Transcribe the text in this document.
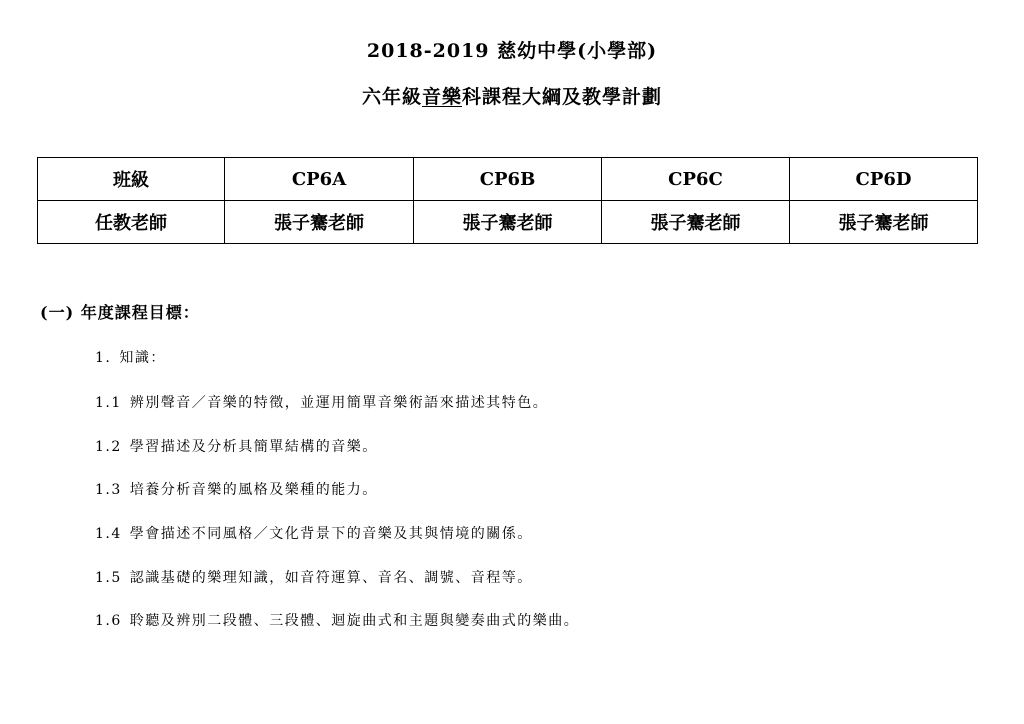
2018-2019 慈幼中學(小學部)
六年級音樂科課程大綱及教學計劃
班級	CP6A	CP6B	CP6C	CP6D
任教老師	張子騫老師	張子騫老師	張子騫老師	張子騫老師
(一) 年度課程目標：
1. 知識：
1.1 辨別聲音／音樂的特徵，並運用簡單音樂術語來描述其特色。
1.2 學習描述及分析具簡單結構的音樂。
1.3 培養分析音樂的風格及樂種的能力。
1.4 學會描述不同風格／文化背景下的音樂及其與情境的關係。
1.5 認識基礎的樂理知識，如音符運算、音名、調號、音程等。
1.6 聆聽及辨別二段體、三段體、迴旋曲式和主題與變奏曲式的樂曲。
